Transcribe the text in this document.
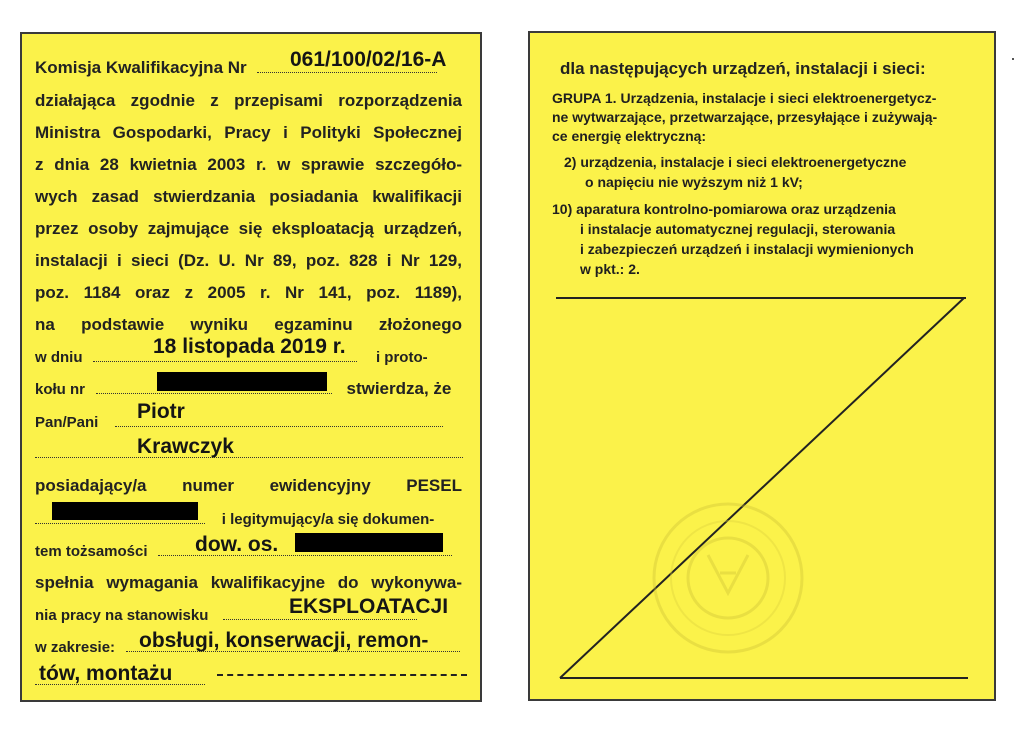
Komisja Kwalifikacyjna Nr 061/100/02/16-A
działająca zgodnie z przepisami rozporządzenia
Ministra Gospodarki, Pracy i Polityki Społecznej
z dnia 28 kwietnia 2003 r. w sprawie szczegóło-
wych zasad stwierdzania posiadania kwalifikacji
przez osoby zajmujące się eksploatacją urządzeń,
instalacji i sieci (Dz. U. Nr 89, poz. 828 i Nr 129,
poz. 1184 oraz z 2005 r. Nr 141, poz. 1189),
na podstawie wyniku egzaminu złożonego
w dniu	i proto-
18 listopada 2019 r.
kołu nr	stwierdza, że
Pan/Pani Piotr
Krawczyk
posiadający/a numer ewidencyjny PESEL
i legitymujący/a się dokumen-
tem tożsamości dow. os.
spełnia wymagania kwalifikacyjne do wykonywa-
nia pracy na stanowisku	EKSPLOATACJI
w zakresie: obsługi, konserwacji, remon-
tów, montażu
dla następujących urządzeń, instalacji i sieci:
GRUPA 1. Urządzenia, instalacje i sieci elektroenergetycz-
ne wytwarzające, przetwarzające, przesyłające i zużywają-
ce energię elektryczną:
2) urządzenia, instalacje i sieci elektroenergetyczne
o napięciu nie wyższym niż 1 kV;
10) aparatura kontrolno-pomiarowa oraz urządzenia
i instalacje automatycznej regulacji, sterowania
i zabezpieczeń urządzeń i instalacji wymienionych
w pkt.: 2.
